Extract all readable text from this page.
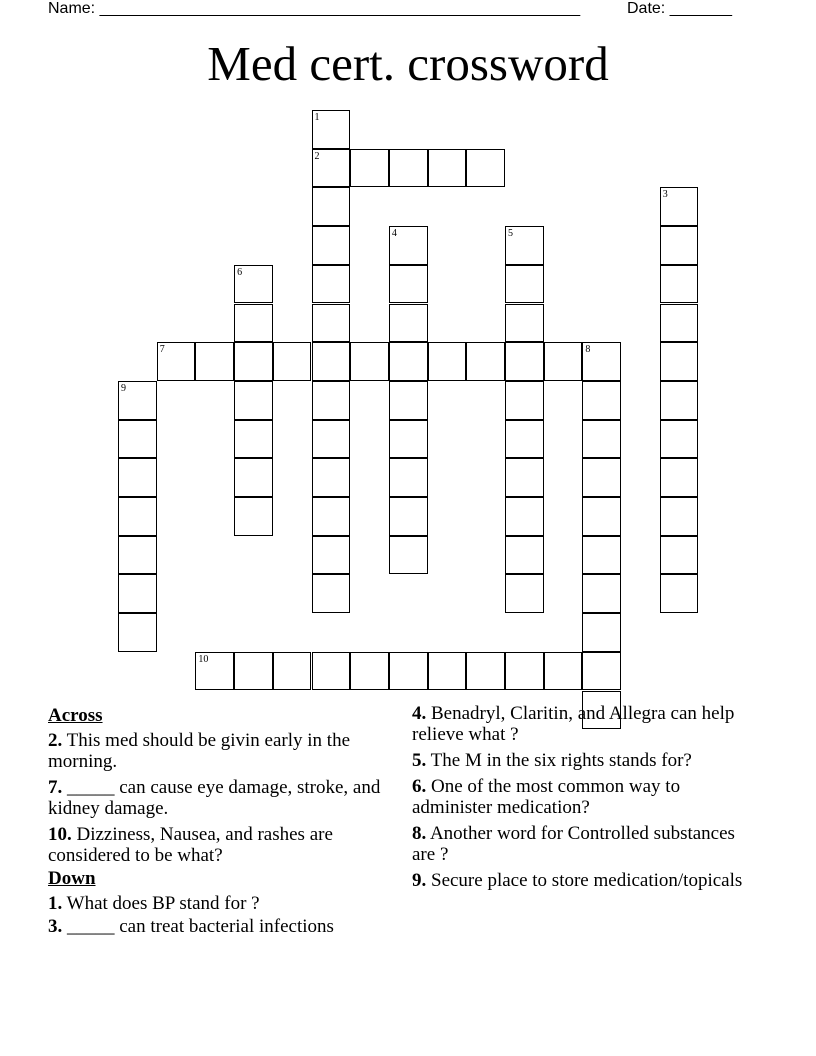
Name: ______________________________________________________	Date: _______
Med cert. crossword
1
2
3
4	5
6
7	8
9
10
Across
2. This med should be givin early in the morning.
7. _____ can cause eye damage, stroke, and kidney damage.
10. Dizziness, Nausea, and rashes are considered to be what?
Down
1. What does BP stand for ?
3. _____ can treat bacterial infections
4. Benadryl, Claritin, and Allegra can help relieve what ?
5. The M in the six rights stands for?
6. One of the most common way to administer medication?
8. Another word for Controlled substances are ?
9. Secure place to store medication/topicals
